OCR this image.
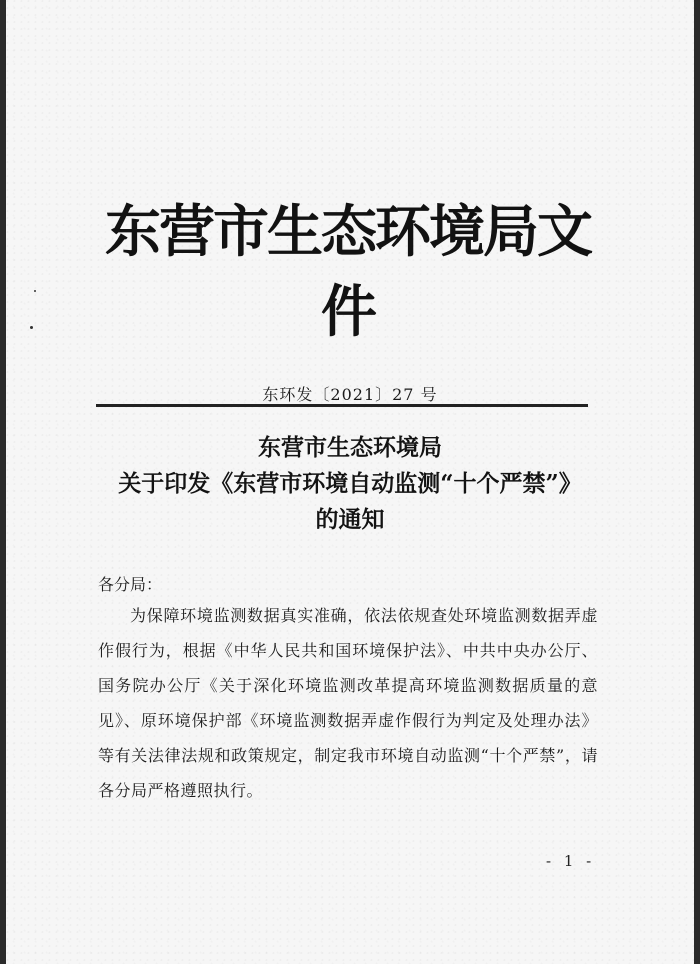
东营市生态环境局文件
东环发〔2021〕27 号
东营市生态环境局
关于印发《东营市环境自动监测“十个严禁”》
的通知
各分局：
为保障环境监测数据真实准确，依法依规查处环境监测数据弄虚作假行为，根据《中华人民共和国环境保护法》、中共中央办公厅、国务院办公厅《关于深化环境监测改革提高环境监测数据质量的意见》、原环境保护部《环境监测数据弄虚作假行为判定及处理办法》等有关法律法规和政策规定，制定我市环境自动监测“十个严禁”，请各分局严格遵照执行。
- 1 -
